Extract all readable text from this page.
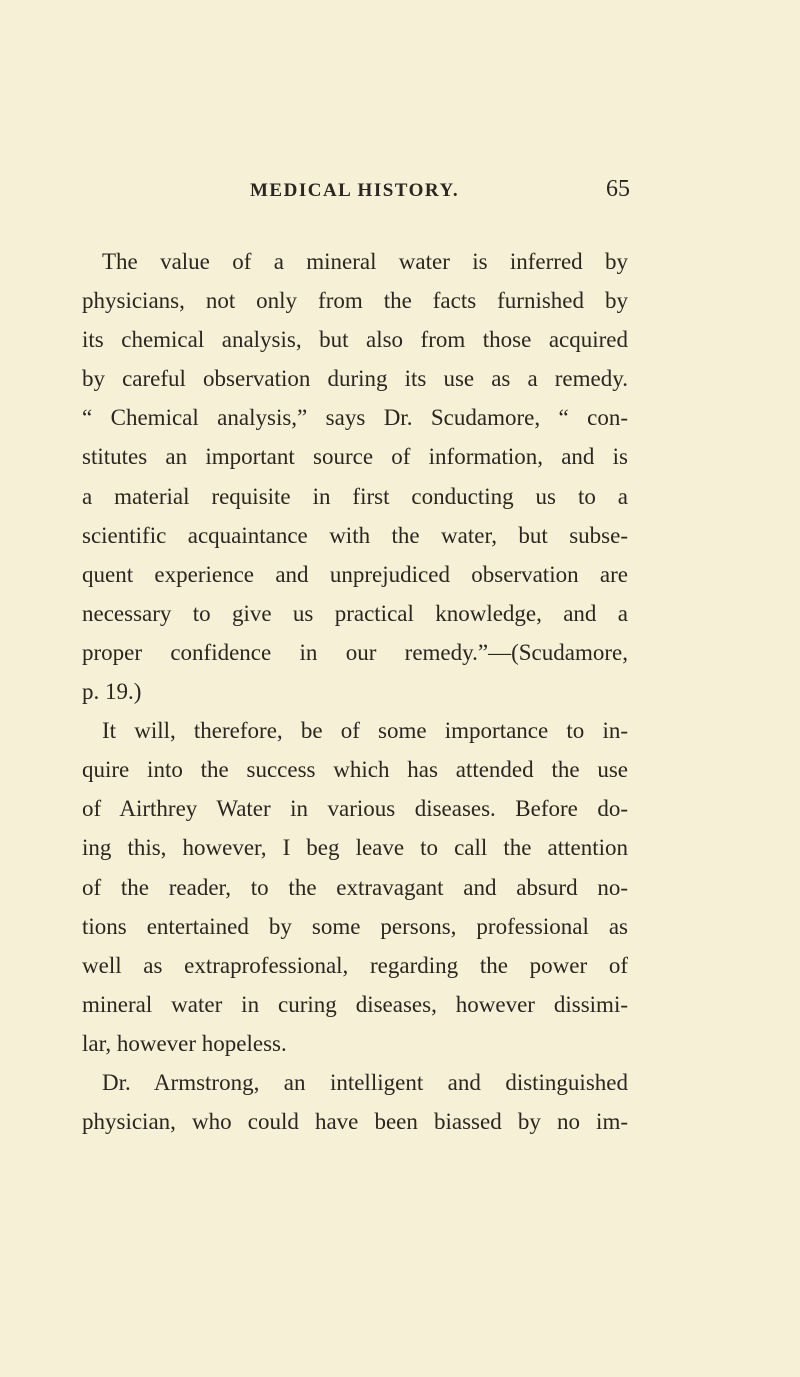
MEDICAL HISTORY.	65
The value of a mineral water is inferred by
physicians, not only from the facts furnished by
its chemical analysis, but also from those acquired
by careful observation during its use as a remedy.
“ Chemical analysis,” says Dr. Scudamore, “ con-
stitutes an important source of information, and is
a material requisite in first conducting us to a
scientific acquaintance with the water, but subse-
quent experience and unprejudiced observation are
necessary to give us practical knowledge, and a
proper confidence in our remedy.”—(Scudamore,
p. 19.)
It will, therefore, be of some importance to in-
quire into the success which has attended the use
of Airthrey Water in various diseases. Before do-
ing this, however, I beg leave to call the attention
of the reader, to the extravagant and absurd no-
tions entertained by some persons, professional as
well as extraprofessional, regarding the power of
mineral water in curing diseases, however dissimi-
lar, however hopeless.
Dr. Armstrong, an intelligent and distinguished
physician, who could have been biassed by no im-
